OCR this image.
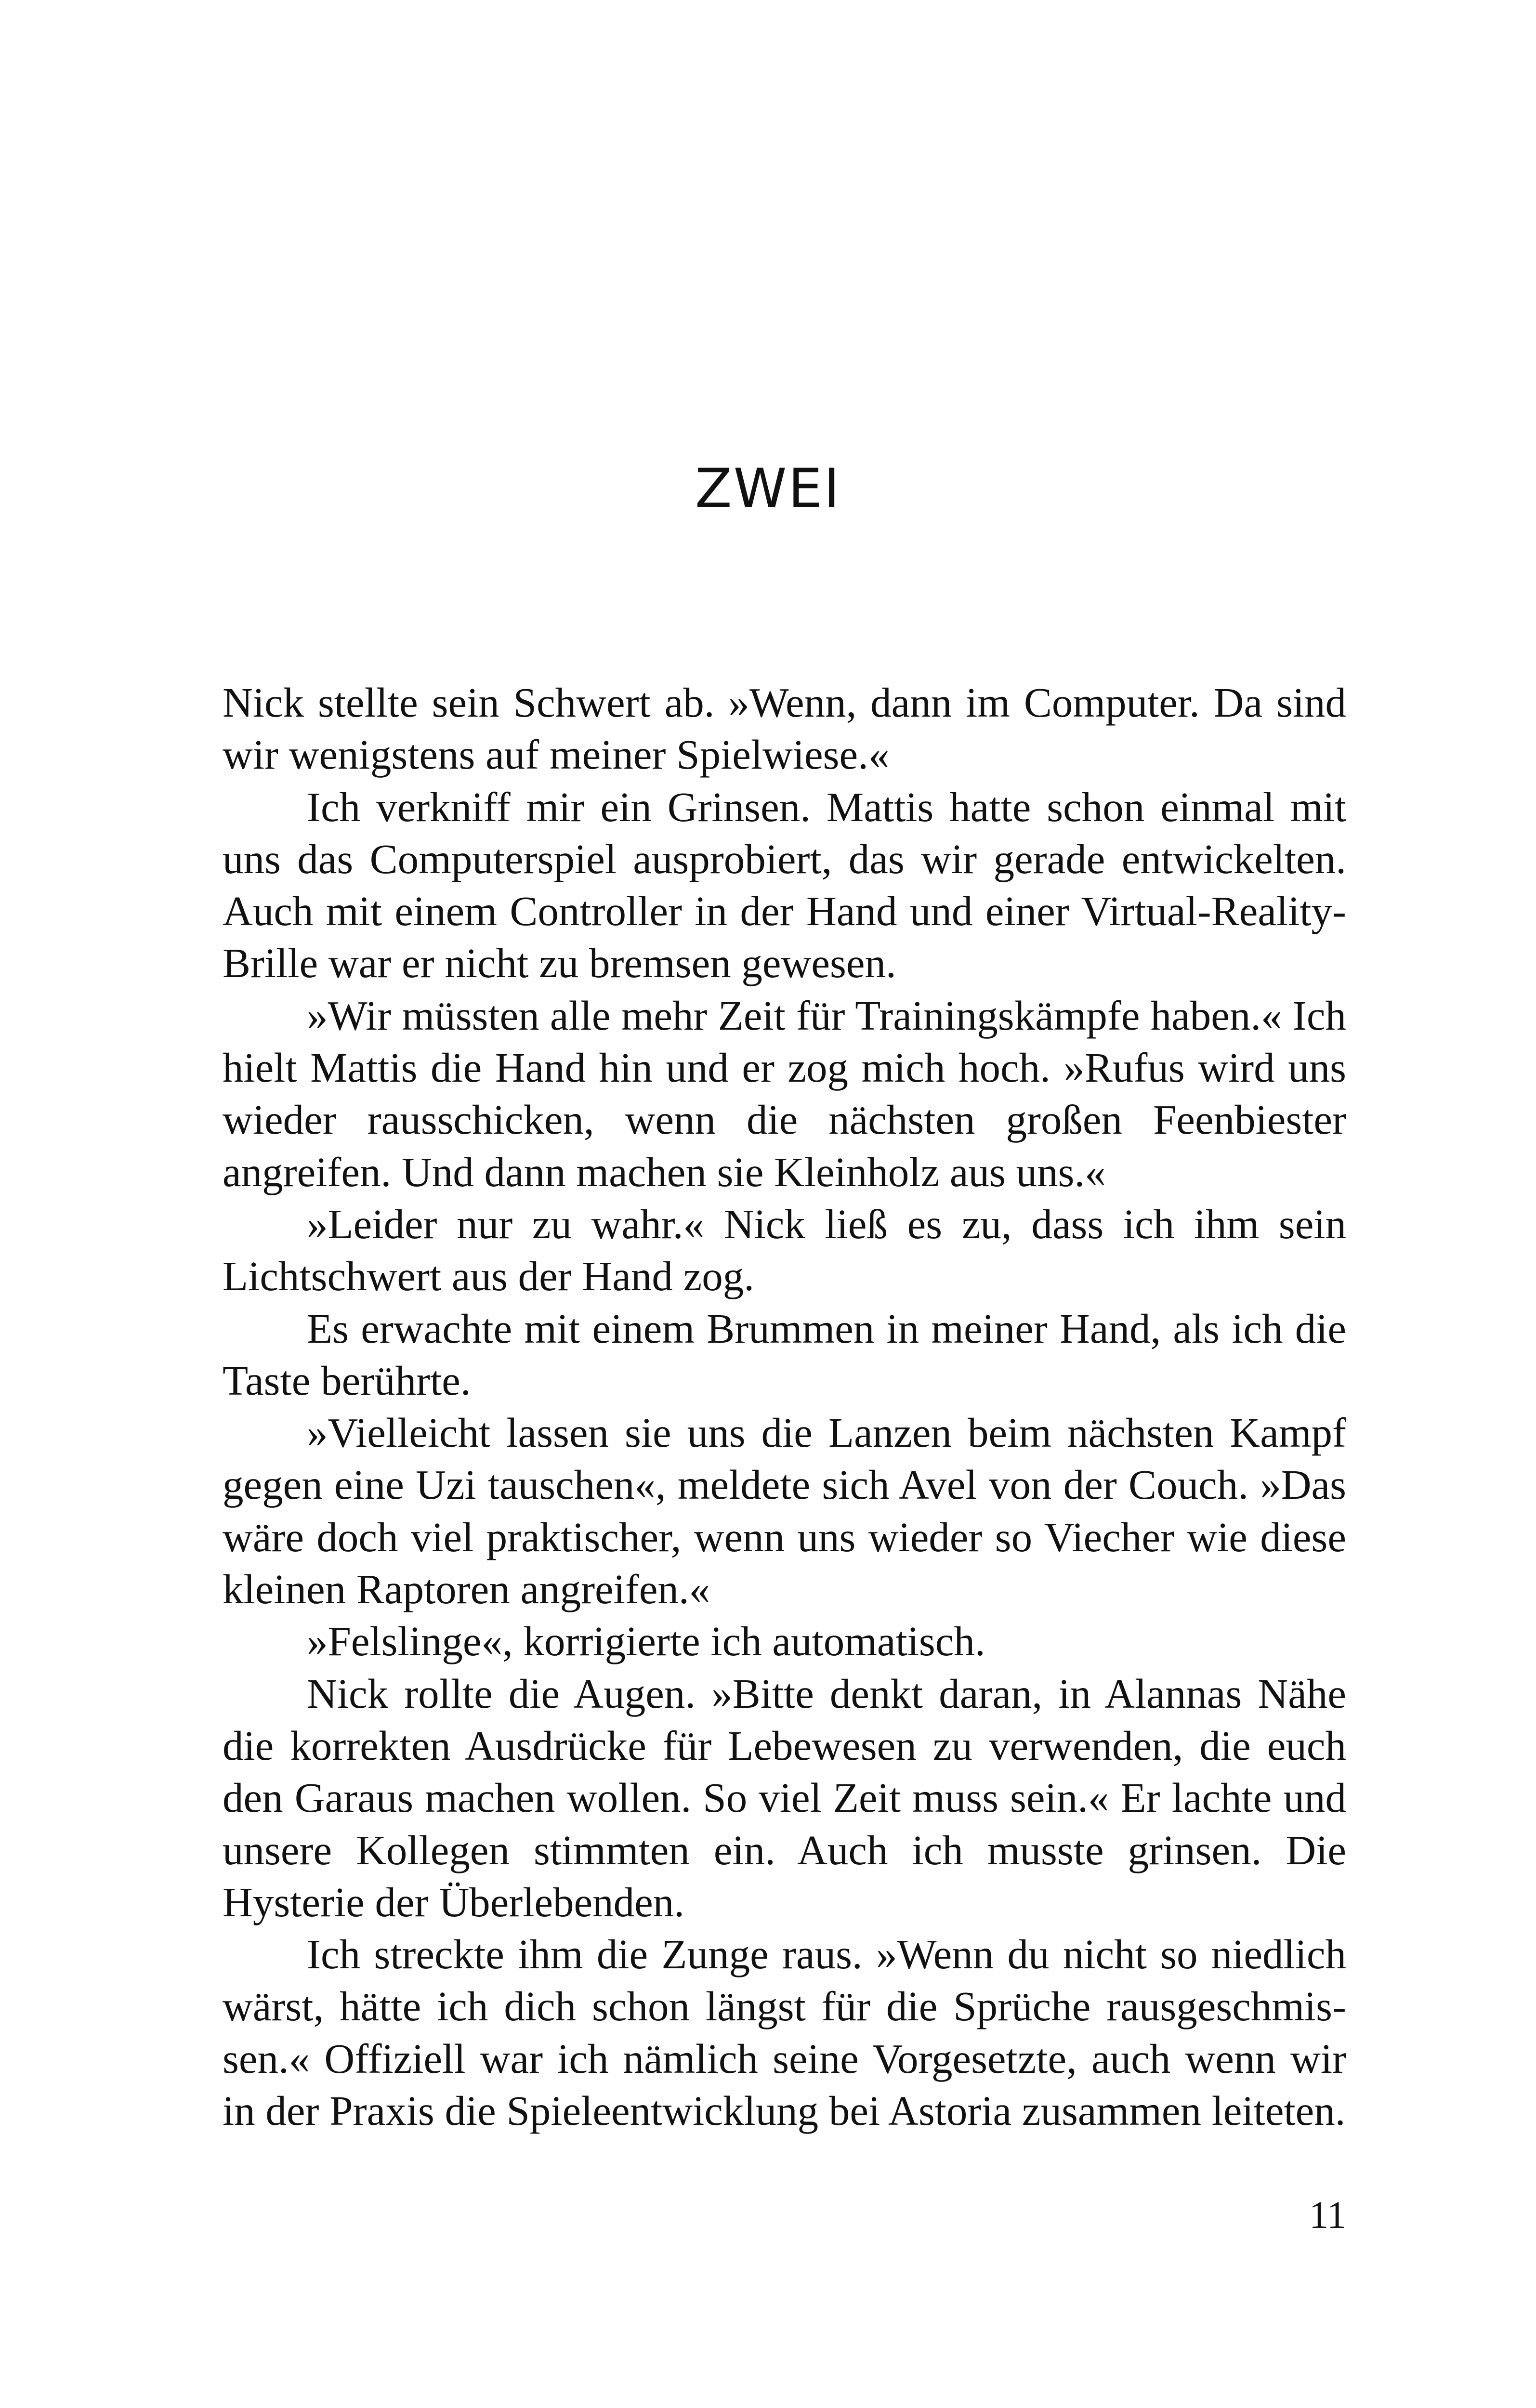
ZWEI

Nick stellte sein Schwert ab. »Wenn, dann im Computer. Da sind wir wenigstens auf meiner Spielwiese.«

Ich verkniff mir ein Grinsen. Mattis hatte schon einmal mit uns das Computerspiel ausprobiert, das wir gerade entwickelten. Auch mit einem Controller in der Hand und einer Virtual-Reality-Brille war er nicht zu bremsen gewesen.

»Wir müssten alle mehr Zeit für Trainingskämpfe haben.« Ich hielt Mattis die Hand hin und er zog mich hoch. »Rufus wird uns wieder rausschicken, wenn die nächsten großen Feenbiester angreifen. Und dann machen sie Kleinholz aus uns.«

»Leider nur zu wahr.« Nick ließ es zu, dass ich ihm sein Lichtschwert aus der Hand zog.

Es erwachte mit einem Brummen in meiner Hand, als ich die Taste berührte.

»Vielleicht lassen sie uns die Lanzen beim nächsten Kampf gegen eine Uzi tauschen«, meldete sich Avel von der Couch. »Das wäre doch viel praktischer, wenn uns wieder so Viecher wie diese kleinen Raptoren angreifen.«

»Felslinge«, korrigierte ich automatisch.

Nick rollte die Augen. »Bitte denkt daran, in Alannas Nähe die korrekten Ausdrücke für Lebewesen zu verwenden, die euch den Garaus machen wollen. So viel Zeit muss sein.« Er lachte und unsere Kollegen stimmten ein. Auch ich musste grinsen. Die Hysterie der Überlebenden.

Ich streckte ihm die Zunge raus. »Wenn du nicht so niedlich wärst, hätte ich dich schon längst für die Sprüche rausgeschmissen.« Offiziell war ich nämlich seine Vorgesetzte, auch wenn wir in der Praxis die Spieleentwicklung bei Astoria zusammen leiteten.

11
